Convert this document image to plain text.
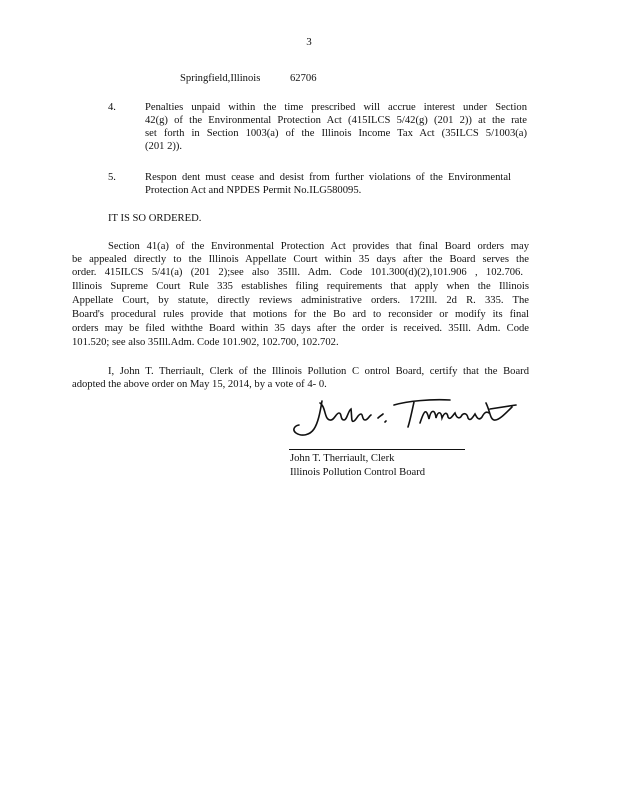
3
Springfield,Illinois	62706
4.	Penalties unpaid within the time prescribed will accrue interest under Section
42(g) of the Environmental Protection Act (415ILCS 5/42(g) (201 2)) at the rate
set forth in Section 1003(a) of the Illinois Income Tax Act (35ILCS 5/1003(a)
(201 2)).
5.	Respon dent must cease and desist from further violations of the Environmental
Protection Act and NPDES Permit No.ILG580095.
IT IS SO ORDERED.
Section 41(a) of the Environmental Protection Act provides that final Board orders may
be appealed directly to the Illinois Appellate Court within 35 days after the Board serves the
order. 415ILCS 5/41(a) (201 2);see also 35Ill. Adm. Code 101.300(d)(2),101.906 , 102.706.
Illinois Supreme Court Rule 335 establishes filing requirements that apply when the Illinois
Appellate Court, by statute, directly reviews administrative orders. 172Ill. 2d R. 335. The
Board's procedural rules provide that motions for the Bo ard to reconsider or modify its final
orders may be filed withthe Board within 35 days after the order is received. 35Ill. Adm. Code
101.520; see also 35Ill.Adm. Code 101.902, 102.700, 102.702.
I, John T. Therriault, Clerk of the Illinois Pollution C ontrol Board, certify that the Board
adopted the above order on May 15, 2014, by a vote of 4- 0.
John T. Therriault, Clerk
Illinois Pollution Control Board
